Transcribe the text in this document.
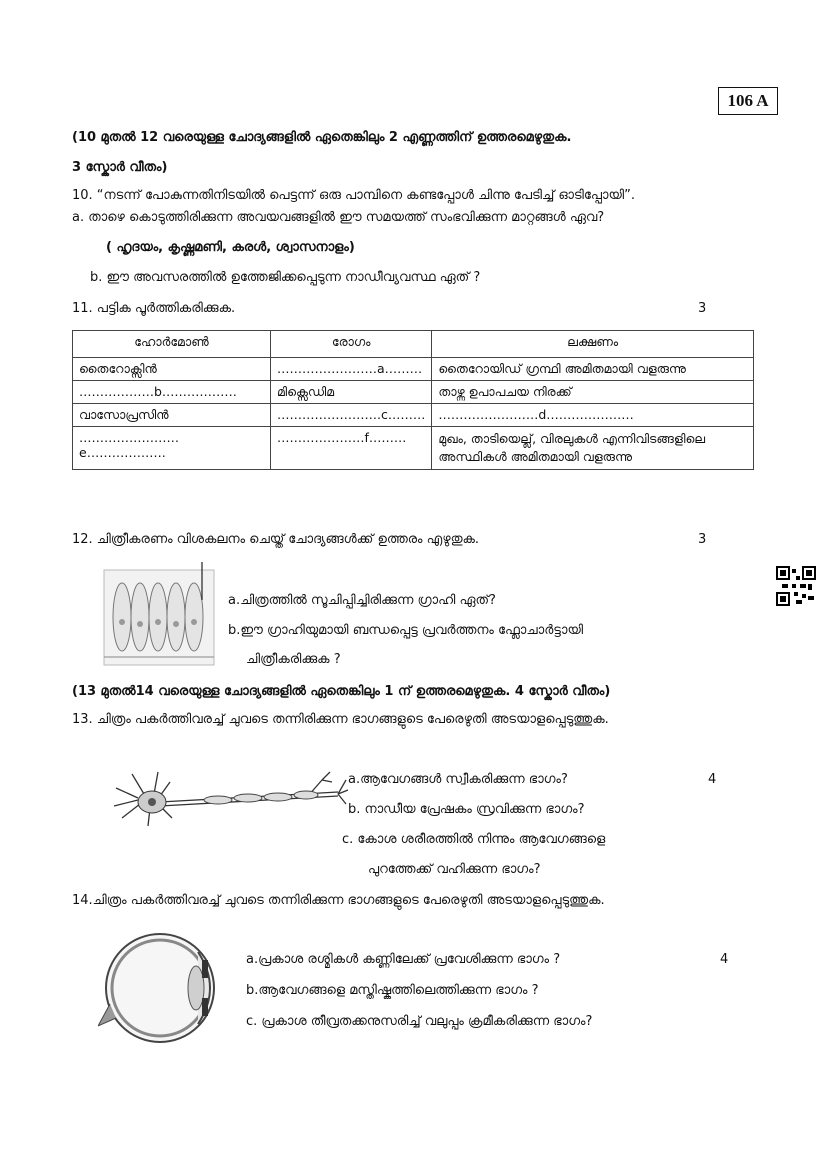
106 A
(10 മുതൽ 12 വരെയുള്ള ചോദ്യങ്ങളിൽ ഏതെങ്കിലും 2 എണ്ണത്തിന് ഉത്തരമെഴുതുക.
3 സ്കോർ വീതം)
10. “നടന്ന് പോകുന്നതിനിടയിൽ പെട്ടന്ന് ഒരു പാമ്പിനെ കണ്ടപ്പോൾ ചിന്നു പേടിച്ച് ഓടിപ്പോയി”.
a. താഴെ കൊടുത്തിരിക്കുന്ന അവയവങ്ങളിൽ ഈ സമയത്ത് സംഭവിക്കുന്ന മാറ്റങ്ങൾ ഏവ?
( ഹൃദയം, കൃഷ്ണമണി, കരൾ, ശ്വാസനാളം)
b. ഈ അവസരത്തിൽ ഉത്തേജിക്കപ്പെടുന്ന നാഡീവ്യവസ്ഥ ഏത് ?
11. പട്ടിക പൂർത്തികരിക്കുക.	3
ഹോർമോൺ	രോഗം	ലക്ഷണം
തൈറോക്സിൻ	……………………a………	തൈറോയിഡ് ഗ്രന്ഥി അമിതമായി വളരുന്നു
………………b………………	മിക്സെഡിമ	താഴ്ന്ന ഉപാപചയ നിരക്ക്
വാസോപ്രസിൻ	…………………….c………	……………………d…………………
……………………e……………….	…………………f………	മുഖം, താടിയെല്ല്, വിരലുകൾ എന്നിവിടങ്ങളിലെ അസ്ഥികൾ അമിതമായി വളരുന്നു
12. ചിത്രീകരണം വിശകലനം ചെയ്ത് ചോദ്യങ്ങൾക്ക് ഉത്തരം എഴുതുക.	3
a.ചിത്രത്തിൽ സൂചിപ്പിച്ചിരിക്കുന്ന ഗ്രാഹി ഏത്?
b.ഈ ഗ്രാഹിയുമായി ബന്ധപ്പെട്ട പ്രവർത്തനം ഫ്ലോചാർട്ടായി
ചിത്രീകരിക്കുക ?
(13 മുതൽ14 വരെയുള്ള ചോദ്യങ്ങളിൽ ഏതെങ്കിലും 1 ന് ഉത്തരമെഴുതുക. 4 സ്കോർ വീതം)
13. ചിത്രം പകർത്തിവരച്ച് ചുവടെ തന്നിരിക്കുന്ന ഭാഗങ്ങളുടെ പേരെഴുതി അടയാളപ്പെടുത്തുക.
a.ആവേഗങ്ങൾ സ്വീകരിക്കുന്ന ഭാഗം?	4
b. നാഡീയ പ്രേഷകം സ്രവിക്കുന്ന ഭാഗം?
c. കോശ ശരീരത്തിൽ നിന്നും ആവേഗങ്ങളെ
പുറത്തേക്ക് വഹിക്കുന്ന ഭാഗം?
14.ചിത്രം പകർത്തിവരച്ച് ചുവടെ തന്നിരിക്കുന്ന ഭാഗങ്ങളുടെ പേരെഴുതി അടയാളപ്പെടുത്തുക.
a.പ്രകാശ രശ്മികൾ കണ്ണിലേക്ക് പ്രവേശിക്കുന്ന ഭാഗം ?	4
b.ആവേഗങ്ങളെ മസ്തിഷ്കത്തിലെത്തിക്കുന്ന ഭാഗം ?
c. പ്രകാശ തീവ്രതക്കനുസരിച്ച് വലുപ്പം ക്രമീകരിക്കുന്ന ഭാഗം?
